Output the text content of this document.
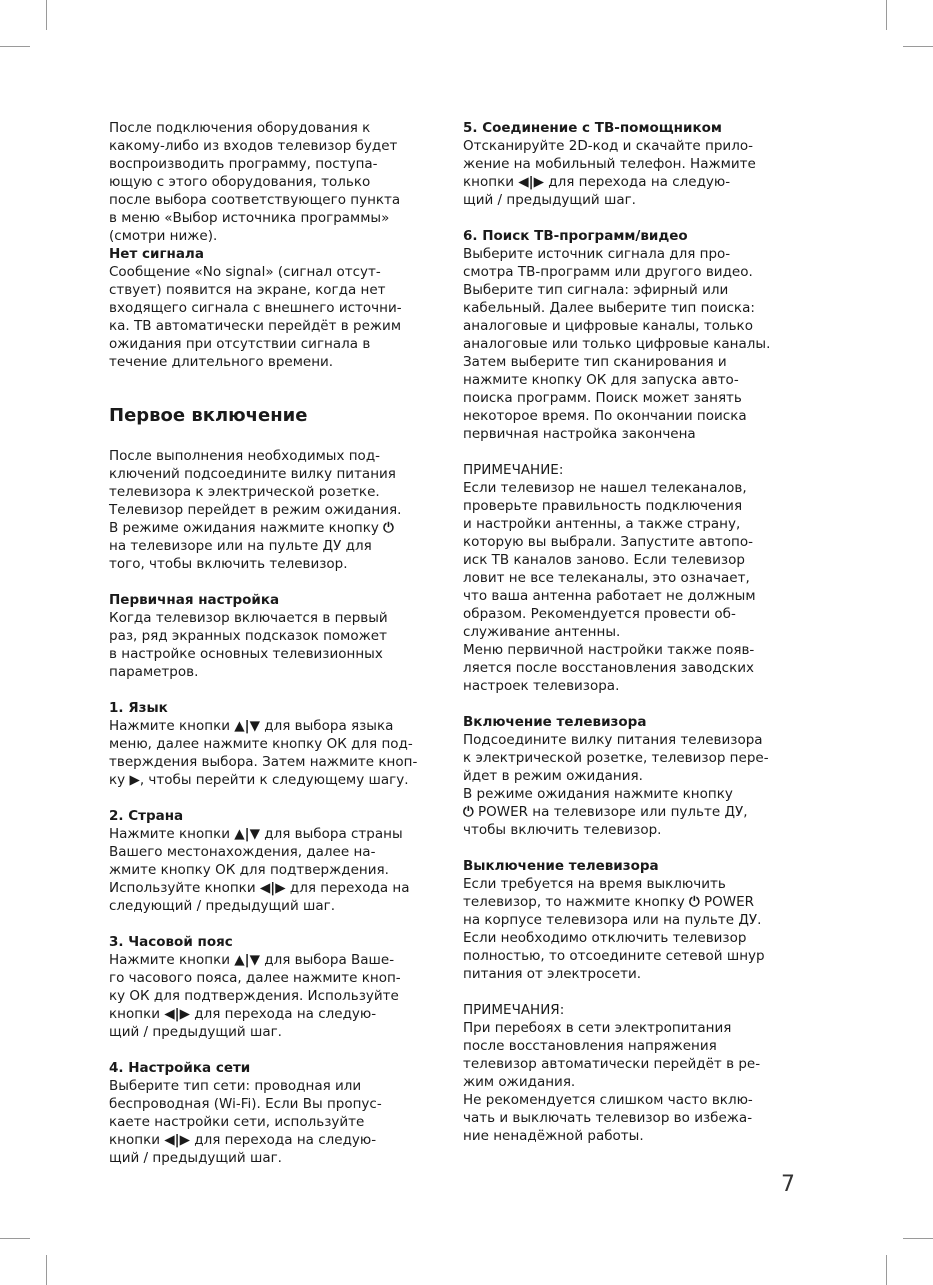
После подключения оборудования к

какому-либо из входов телевизор будет

воспроизводить программу, поступа-

ющую с этого оборудования, только

после выбора соответствующего пункта

в меню «Выбор источника программы»

(смотри ниже).

Нет сигнала

Сообщение «No signal» (сигнал отсут-

ствует) появится на экране, когда нет

входящего сигнала с внешнего источни-

ка. ТВ автоматически перейдёт в режим

ожидания при отсутствии сигнала в

течение длительного времени.

Первое включение

После выполнения необходимых под-

ключений подсоедините вилку питания

телевизора к электрической розетке.

Телевизор перейдет в режим ожидания.

В режиме ожидания нажмите кнопку ⏻

на телевизоре или на пульте ДУ для

того, чтобы включить телевизор.

Первичная настройка

Когда телевизор включается в первый

раз, ряд экранных подсказок поможет

в настройке основных телевизионных

параметров.

1. Язык

Нажмите кнопки ▲|▼ для выбора языка

меню, далее нажмите кнопку ОК для под-

тверждения выбора. Затем нажмите кноп-

ку ▶, чтобы перейти к следующему шагу.

2. Страна

Нажмите кнопки ▲|▼ для выбора страны

Вашего местонахождения, далее на-

жмите кнопку ОК для подтверждения.

Используйте кнопки ◀|▶ для перехода на

следующий / предыдущий шаг.

3. Часовой пояс

Нажмите кнопки ▲|▼ для выбора Ваше-

го часового пояса, далее нажмите кноп-

ку ОК для подтверждения. Используйте

кнопки ◀|▶ для перехода на следую-

щий / предыдущий шаг.

4. Настройка сети

Выберите тип сети: проводная или

беспроводная (Wi-Fi). Если Вы пропус-

каете настройки сети, используйте

кнопки ◀|▶ для перехода на следую-

щий / предыдущий шаг.

5. Соединение с ТВ-помощником

Отсканируйте 2D-код и скачайте прило-

жение на мобильный телефон. Нажмите

кнопки ◀|▶ для перехода на следую-

щий / предыдущий шаг.

6. Поиск ТВ-программ/видео

Выберите источник сигнала для про-

смотра ТВ-программ или другого видео.

Выберите тип сигнала: эфирный или

кабельный. Далее выберите тип поиска:

аналоговые и цифровые каналы, только

аналоговые или только цифровые каналы.

Затем выберите тип сканирования и

нажмите кнопку ОК для запуска авто-

поиска программ. Поиск может занять

некоторое время. По окончании поиска

первичная настройка закончена

ПРИМЕЧАНИЕ:

Если телевизор не нашел телеканалов,

проверьте правильность подключения

и настройки антенны, а также страну,

которую вы выбрали. Запустите автопо-

иск ТВ каналов заново. Если телевизор

ловит не все телеканалы, это означает,

что ваша антенна работает не должным

образом. Рекомендуется провести об-

служивание антенны.

Меню первичной настройки также появ-

ляется после восстановления заводских

настроек телевизора.

Включение телевизора

Подсоедините вилку питания телевизора

к электрической розетке, телевизор пере-

йдет в режим ожидания.

В режиме ожидания нажмите кнопку

⏻ POWER на телевизоре или пульте ДУ,

чтобы включить телевизор.

Выключение телевизора

Если требуется на время выключить

телевизор, то нажмите кнопку ⏻ POWER

на корпусе телевизора или на пульте ДУ.

Если необходимо отключить телевизор

полностью, то отсоедините сетевой шнур

питания от электросети.

ПРИМЕЧАНИЯ:

При перебоях в сети электропитания

после восстановления напряжения

телевизор автоматически перейдёт в ре-

жим ожидания.

Не рекомендуется слишком часто вклю-

чать и выключать телевизор во избежа-

ние ненадёжной работы.

7
